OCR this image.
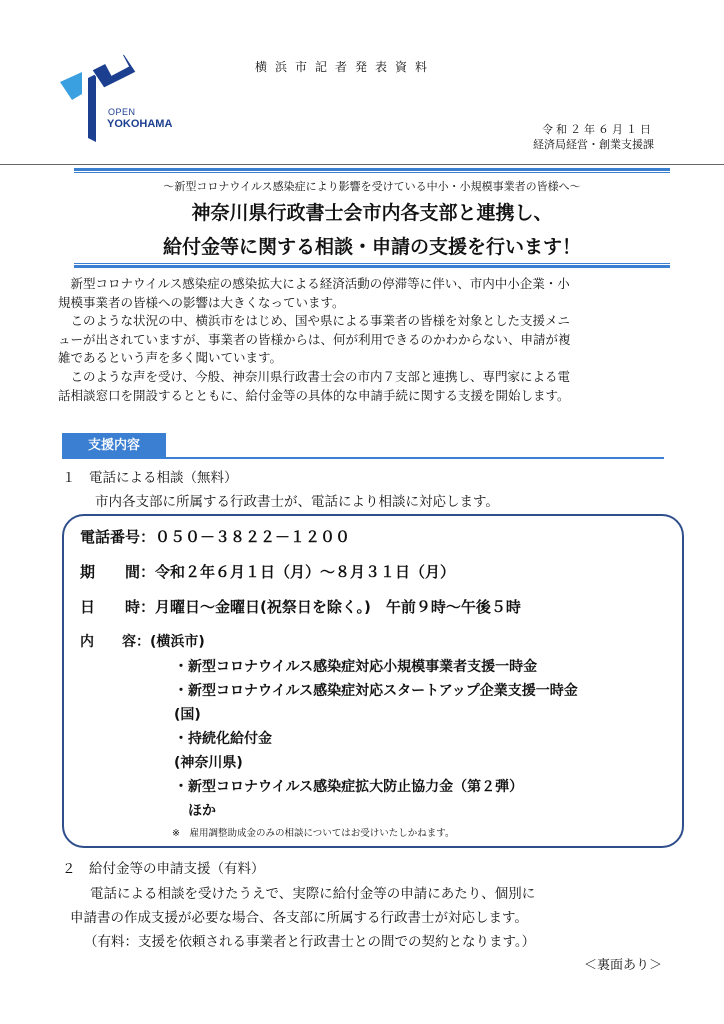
横浜市記者発表資料
OPEN
YOKOHAMA	令和２年６月１日
経済局経営・創業支援課
～新型コロナウイルス感染症により影響を受けている中小・小規模事業者の皆様へ～
神奈川県行政書士会市内各支部と連携し、
給付金等に関する相談・申請の支援を行います！

　新型コロナウイルス感染症の感染拡大による経済活動の停滞等に伴い、市内中小企業・小

規模事業者の皆様への影響は大きくなっています。

　このような状況の中、横浜市をはじめ、国や県による事業者の皆様を対象とした支援メニ

ューが出されていますが、事業者の皆様からは、何が利用できるのかわからない、申請が複

雑であるという声を多く聞いています。

　このような声を受け、今般、神奈川県行政書士会の市内７支部と連携し、専門家による電

話相談窓口を開設するとともに、給付金等の具体的な申請手続に関する支援を開始します。

支援内容
１　電話による相談（無料）
市内各支部に所属する行政書士が、電話により相談に対応します。
電話番号：０５０－３８２２－１２００
期　　間：令和２年６月１日（月）～８月３１日（月）
日　　時：月曜日～金曜日(祝祭日を除く。)　午前９時～午後５時
内　　容：(横浜市)
・新型コロナウイルス感染症対応小規模事業者支援一時金
・新型コロナウイルス感染症対応スタートアップ企業支援一時金
(国)
・持続化給付金
(神奈川県)
・新型コロナウイルス感染症拡大防止協力金（第２弾）
　ほか
※　雇用調整助成金のみの相談についてはお受けいたしかねます。
２　給付金等の申請支援（有料）
電話による相談を受けたうえで、実際に給付金等の申請にあたり、個別に
申請書の作成支援が必要な場合、各支部に所属する行政書士が対応します。
（有料：支援を依頼される事業者と行政書士との間での契約となります。）
＜裏面あり＞
